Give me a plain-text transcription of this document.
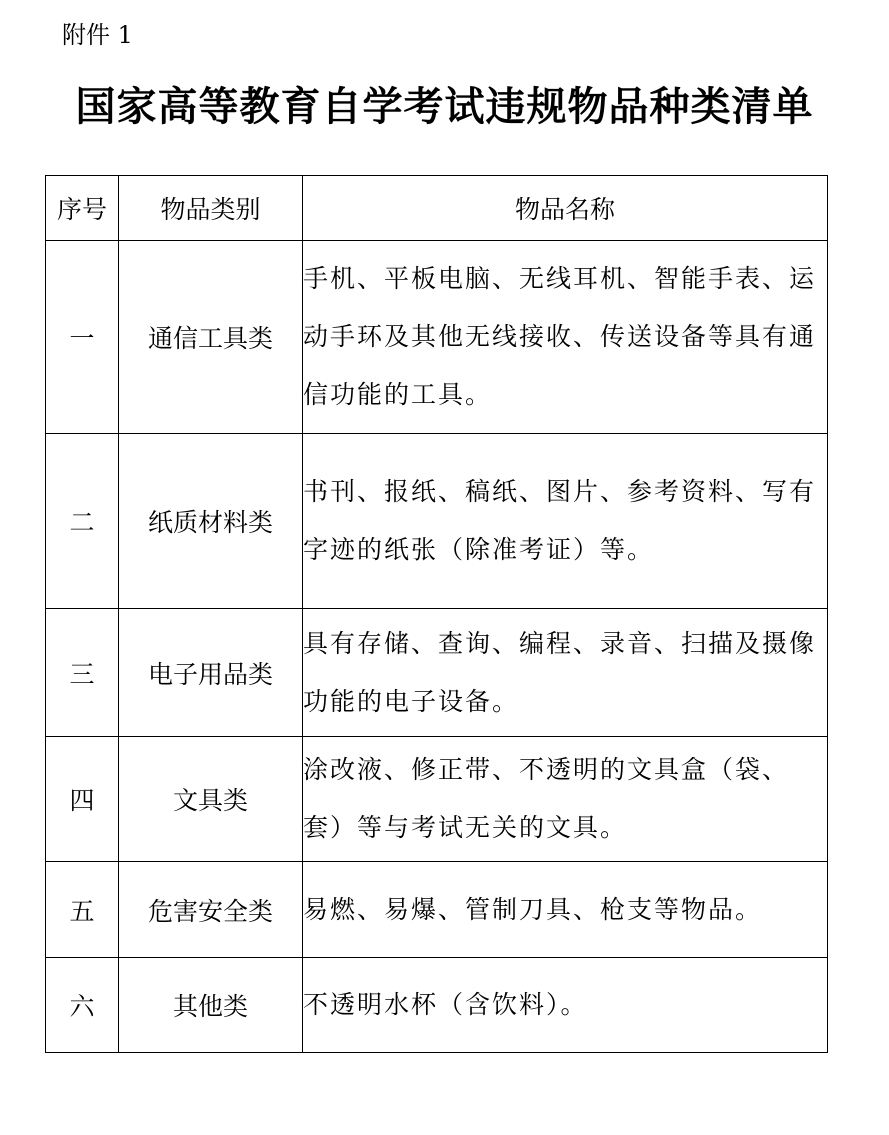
附件 1
国家高等教育自学考试违规物品种类清单
序号	物品类别	物品名称
一	通信工具类	手机、平板电脑、无线耳机、智能手表、运动手环及其他无线接收、传送设备等具有通信功能的工具。
二	纸质材料类	书刊、报纸、稿纸、图片、参考资料、写有字迹的纸张（除准考证）等。
三	电子用品类	具有存储、查询、编程、录音、扫描及摄像功能的电子设备。
四	文具类	涂改液、修正带、不透明的文具盒（袋、套）等与考试无关的文具。
五	危害安全类	易燃、易爆、管制刀具、枪支等物品。
六	其他类	不透明水杯（含饮料）。
